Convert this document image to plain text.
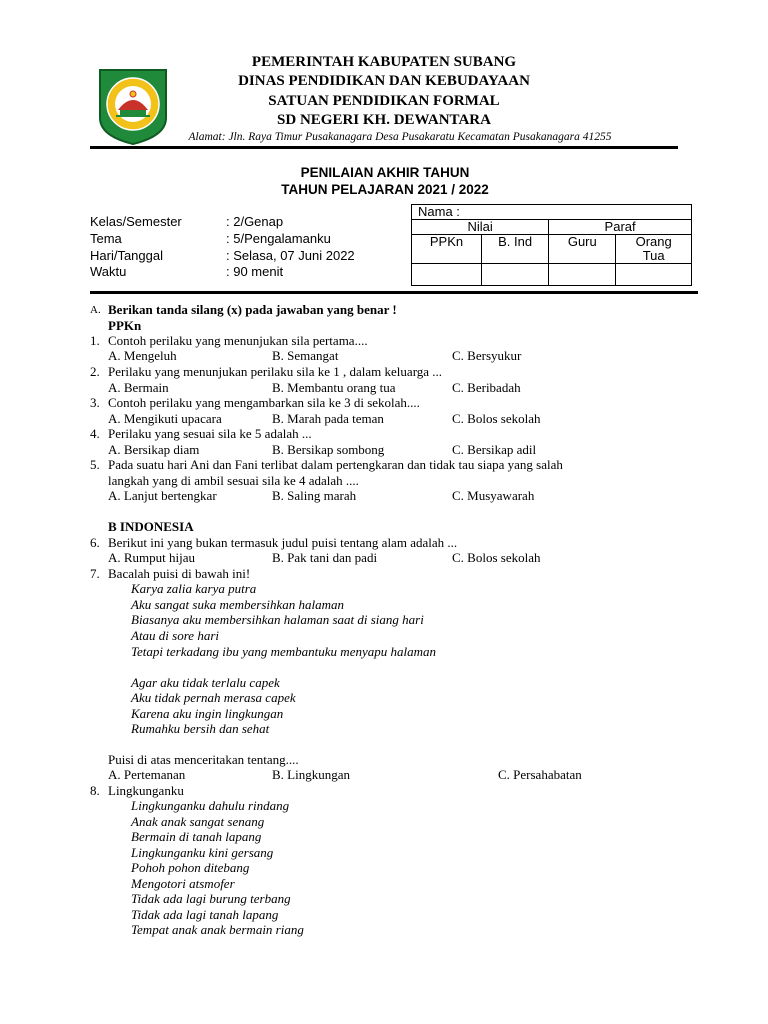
PEMERINTAH KABUPATEN SUBANG
DINAS PENDIDIKAN DAN KEBUDAYAAN
SATUAN PENDIDIKAN FORMAL
SD NEGERI KH. DEWANTARA
Alamat: Jln. Raya Timur Pusakanagara Desa Pusakaratu Kecamatan Pusakanagara 41255
PENILAIAN AKHIR TAHUN
TAHUN PELAJARAN 2021 / 2022
Kelas/Semester	: 2/Genap
Tema	: 5/Pengalamanku
Hari/Tanggal	: Selasa, 07 Juni 2022
Waktu	: 90 menit
Nama :			
Nilai		Paraf	
PPKn	B. Ind	Guru	Orang
Tua

A. Berikan tanda silang (x) pada jawaban yang benar !
PPKn
1. Contoh perilaku yang menunjukan sila pertama....
A. Mengeluh	B. Semangat	C. Bersyukur
2. Perilaku yang menunjukan perilaku sila ke 1 , dalam keluarga ...
A. Bermain	B. Membantu orang tua	C. Beribadah
3. Contoh perilaku yang mengambarkan sila ke 3 di sekolah....
A. Mengikuti upacara	B. Marah pada teman	C. Bolos sekolah
4. Perilaku yang sesuai sila ke 5 adalah ...
A. Bersikap diam	B. Bersikap sombong	C. Bersikap adil
5. Pada suatu hari Ani dan Fani terlibat dalam pertengkaran dan tidak tau siapa yang salah
langkah yang di ambil sesuai sila ke 4 adalah ....
A. Lanjut bertengkar	B. Saling marah	C. Musyawarah
B INDONESIA
6. Berikut ini yang bukan termasuk judul puisi tentang alam adalah ...
A. Rumput hijau	B. Pak tani dan padi	C. Bolos sekolah
7. Bacalah puisi di bawah ini!
Karya zalia karya putra
Aku sangat suka membersihkan halaman
Biasanya aku membersihkan halaman saat di siang hari
Atau di sore hari
Tetapi terkadang ibu yang membantuku menyapu halaman
Agar aku tidak terlalu capek
Aku tidak pernah merasa capek
Karena aku ingin lingkungan
Rumahku bersih dan sehat
Puisi di atas menceritakan tentang....
A. Pertemanan	B. Lingkungan	C. Persahabatan
8. Lingkunganku
Lingkunganku dahulu rindang
Anak anak sangat senang
Bermain di tanah lapang
Lingkunganku kini gersang
Pohoh pohon ditebang
Mengotori atsmofer
Tidak ada lagi burung terbang
Tidak ada lagi tanah lapang
Tempat anak anak bermain riang
